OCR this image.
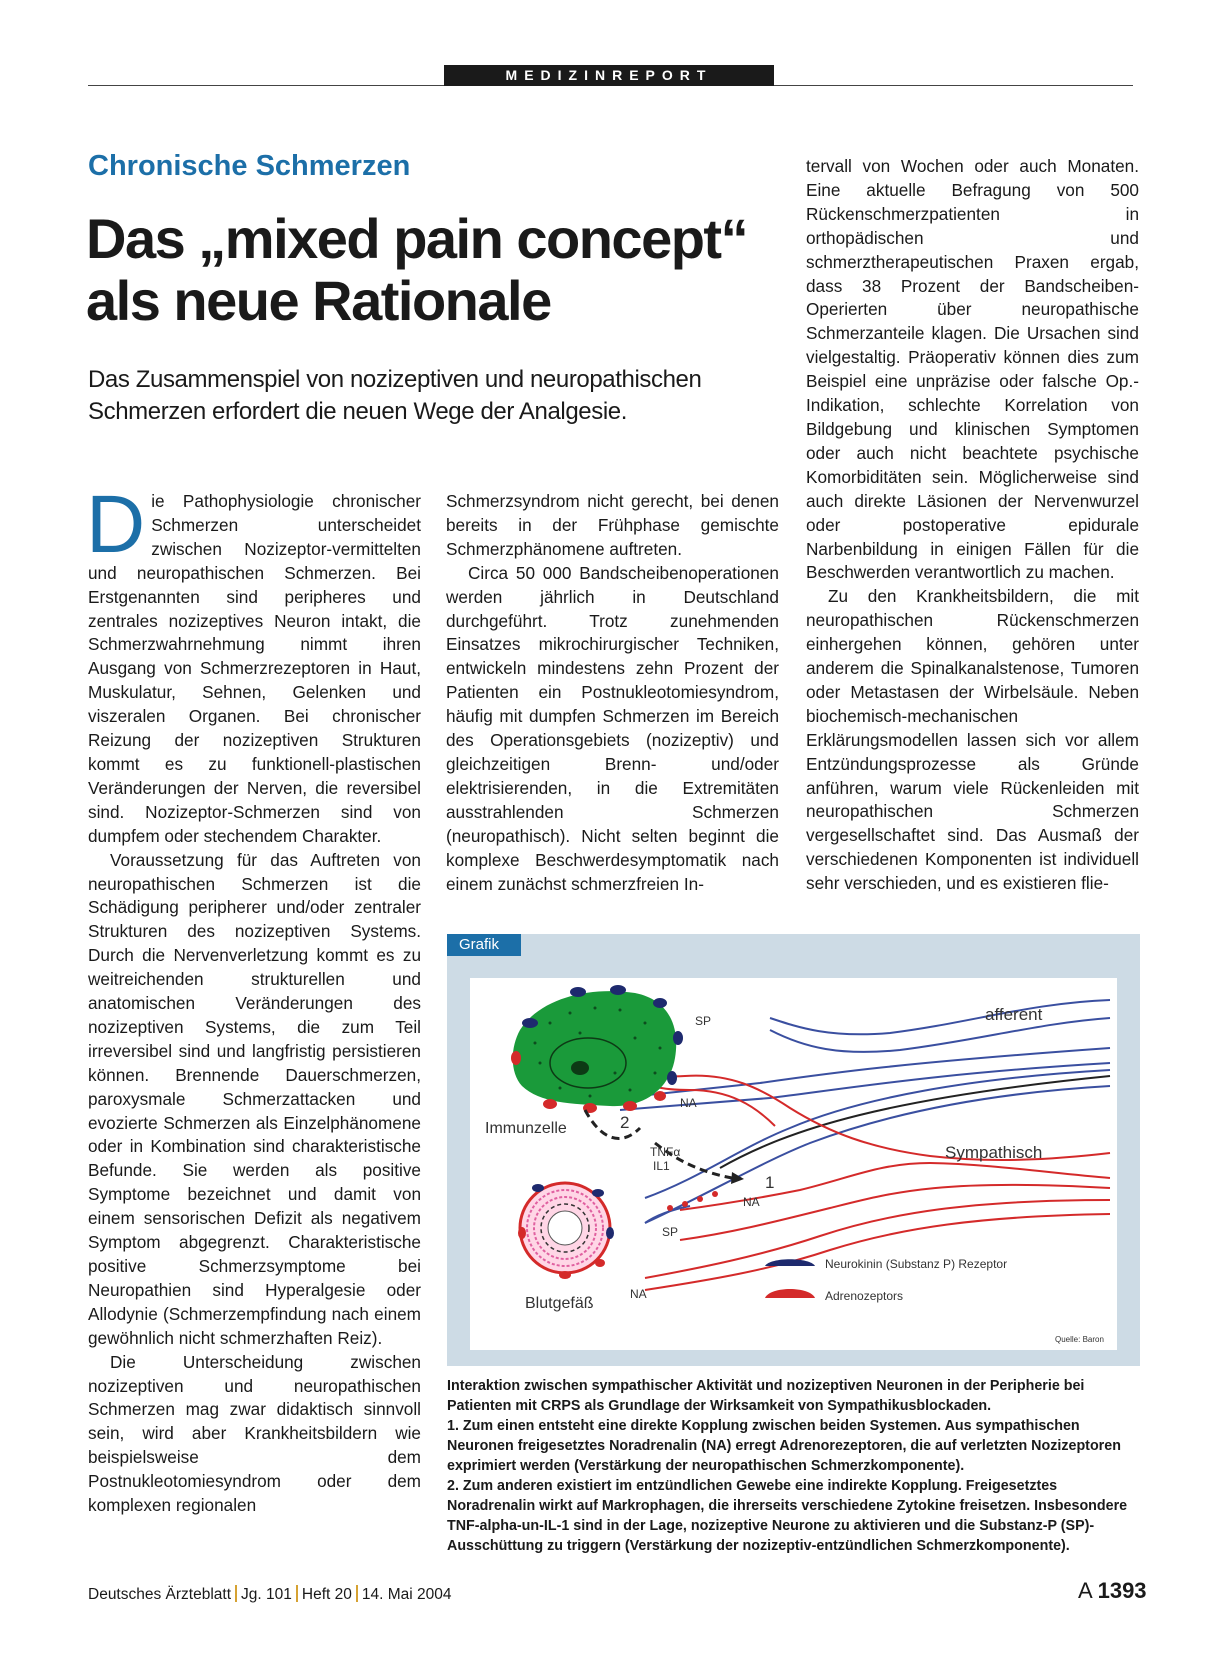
MEDIZINREPORT
Chronische Schmerzen
Das „mixed pain concept“
als neue Rationale
Das Zusammenspiel von nozizeptiven und neuropathischen
Schmerzen erfordert die neuen Wege der Analgesie.

Die Pathophysiologie chronischer Schmerzen unterscheidet zwischen Nozizeptor-vermittelten und neuropathischen Schmerzen. Bei Erstgenannten sind peripheres und zentrales nozizeptives Neuron intakt, die Schmerzwahrnehmung nimmt ihren Ausgang von Schmerzrezeptoren in Haut, Muskulatur, Sehnen, Gelenken und viszeralen Organen. Bei chronischer Reizung der nozizeptiven Strukturen kommt es zu funktionell-plastischen Veränderungen der Nerven, die reversibel sind. Nozizeptor-Schmerzen sind von dumpfem oder stechendem Charakter.

Voraussetzung für das Auftreten von neuropathischen Schmerzen ist die Schädigung peripherer und/oder zentraler Strukturen des nozizeptiven Systems. Durch die Nervenverletzung kommt es zu weitreichenden strukturellen und anatomischen Veränderungen des nozizeptiven Systems, die zum Teil irreversibel sind und langfristig persistieren können. Brennende Dauerschmerzen, paroxysmale Schmerzattacken und evozierte Schmerzen als Einzelphänomene oder in Kombination sind charakteristische Befunde. Sie werden als positive Symptome bezeichnet und damit von einem sensorischen Defizit als negativem Symptom abgegrenzt. Charakteristische positive Schmerzsymptome bei Neuropathien sind Hyperalgesie oder Allodynie (Schmerzempfindung nach einem gewöhnlich nicht schmerzhaften Reiz).

Die Unterscheidung zwischen nozizeptiven und neuropathischen Schmerzen mag zwar didaktisch sinnvoll sein, wird aber Krankheitsbildern wie beispielsweise dem Postnukleotomiesyndrom oder dem komplexen regionalen

Schmerzsyndrom nicht gerecht, bei denen bereits in der Frühphase gemischte Schmerzphänomene auftreten.

Circa 50 000 Bandscheibenoperationen werden jährlich in Deutschland durchgeführt. Trotz zunehmenden Einsatzes mikrochirurgischer Techniken, entwickeln mindestens zehn Prozent der Patienten ein Postnukleotomiesyndrom, häufig mit dumpfen Schmerzen im Bereich des Operationsgebiets (nozizeptiv) und gleichzeitigen Brenn- und/oder elektrisierenden, in die Extremitäten ausstrahlenden Schmerzen (neuropathisch). Nicht selten beginnt die komplexe Beschwerdesymptomatik nach einem zunächst schmerzfreien In-

tervall von Wochen oder auch Monaten. Eine aktuelle Befragung von 500 Rückenschmerzpatienten in orthopädischen und schmerztherapeutischen Praxen ergab, dass 38 Prozent der Bandscheiben-Operierten über neuropathische Schmerzanteile klagen. Die Ursachen sind vielgestaltig. Präoperativ können dies zum Beispiel eine unpräzise oder falsche Op.-Indikation, schlechte Korrelation von Bildgebung und klinischen Symptomen oder auch nicht beachtete psychische Komorbiditäten sein. Möglicherweise sind auch direkte Läsionen der Nervenwurzel oder postoperative epidurale Narbenbildung in einigen Fällen für die Beschwerden verantwortlich zu machen.

Zu den Krankheitsbildern, die mit neuropathischen Rückenschmerzen einhergehen können, gehören unter anderem die Spinalkanalstenose, Tumoren oder Metastasen der Wirbelsäule. Neben biochemisch-mechanischen Erklärungsmodellen lassen sich vor allem Entzündungsprozesse als Gründe anführen, warum viele Rückenleiden mit neuropathischen Schmerzen vergesellschaftet sind. Das Ausmaß der verschiedenen Komponenten ist individuell sehr verschieden, und es existieren flie-

Grafik
afferent
Sympathisch
Immunzelle
Blutgefäß
SP
NA
2
TNFα
IL1
1
NA
SP
NA
Neurokinin (Substanz P) Rezeptor
Adrenozeptors
Quelle: Baron

Interaktion zwischen sympathischer Aktivität und nozizeptiven Neuronen in der Peripherie bei Patienten mit CRPS als Grundlage der Wirksamkeit von Sympathikusblockaden.

1. Zum einen entsteht eine direkte Kopplung zwischen beiden Systemen. Aus sympathischen Neuronen freigesetztes Noradrenalin (NA) erregt Adrenorezeptoren, die auf verletzten Nozizeptoren exprimiert werden (Verstärkung der neuropathischen Schmerzkomponente).

2. Zum anderen existiert im entzündlichen Gewebe eine indirekte Kopplung. Freigesetztes Noradrenalin wirkt auf Markrophagen, die ihrerseits verschiedene Zytokine freisetzen. Insbesondere TNF-alpha-un-IL-1 sind in der Lage, nozizeptive Neurone zu aktivieren und die Substanz-P (SP)-Ausschüttung zu triggern (Verstärkung der nozizeptiv-entzündlichen Schmerzkomponente).

Deutsches Ärzteblatt Jg. 101 Heft 20 14. Mai 2004	A 1393
